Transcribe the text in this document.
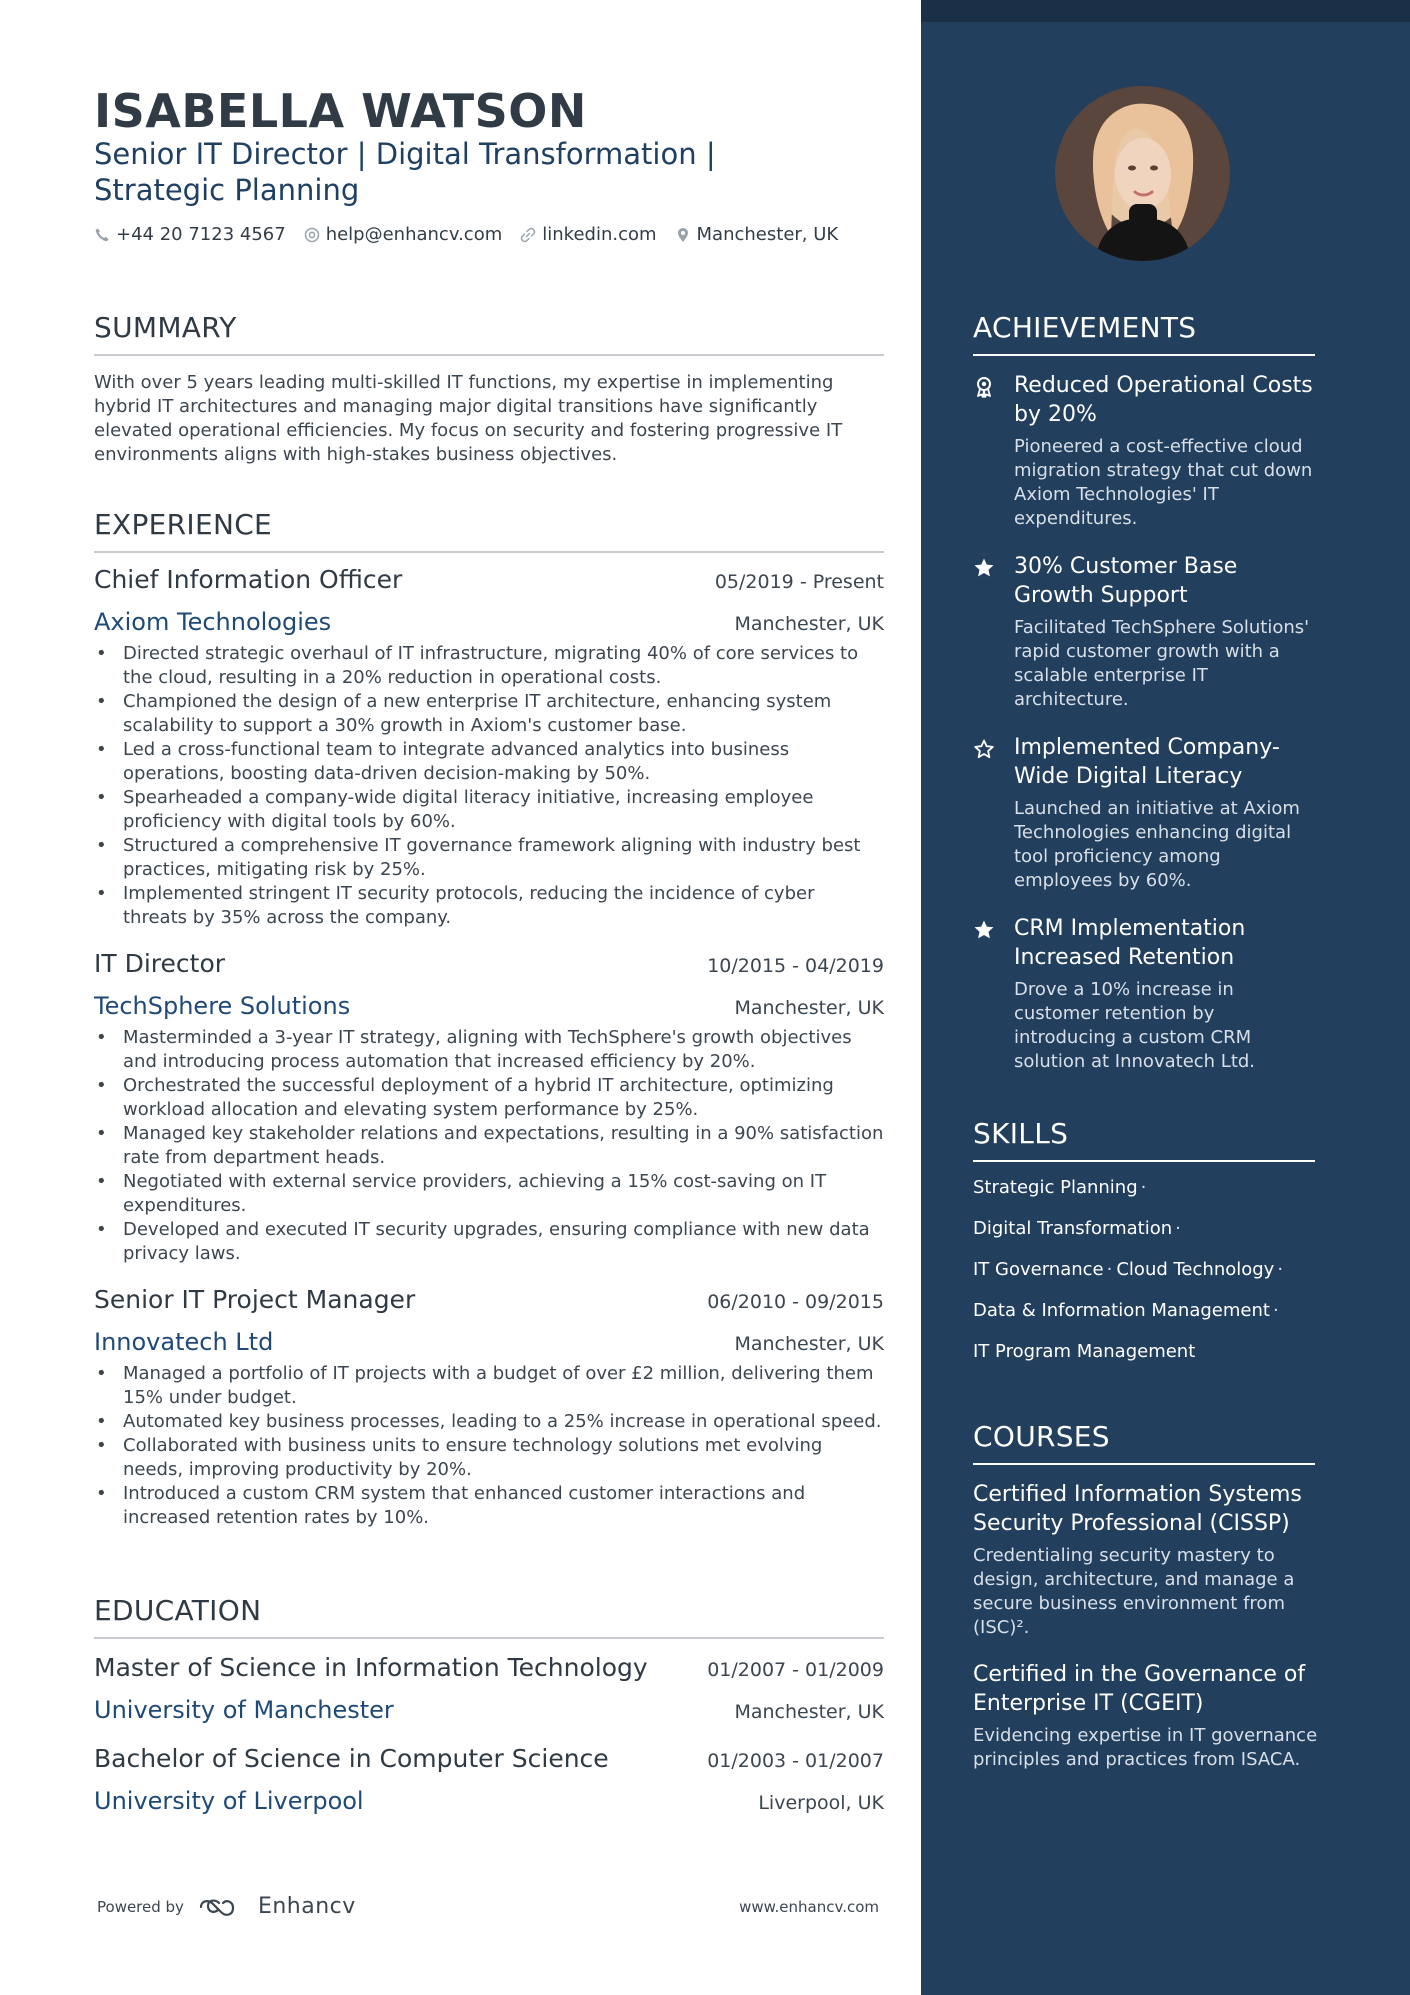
ISABELLA WATSON
Senior IT Director | Digital Transformation | Strategic Planning
+44 20 7123 4567 help@enhancv.com linkedin.com Manchester, UK
SUMMARY
With over 5 years leading multi-skilled IT functions, my expertise in implementing hybrid IT architectures and managing major digital transitions have significantly elevated operational efficiencies. My focus on security and fostering progressive IT environments aligns with high-stakes business objectives.
EXPERIENCE
Chief Information Officer	05/2019 - Present
Axiom Technologies	Manchester, UK
• Directed strategic overhaul of IT infrastructure, migrating 40% of core services to the cloud, resulting in a 20% reduction in operational costs.
• Championed the design of a new enterprise IT architecture, enhancing system scalability to support a 30% growth in Axiom's customer base.
• Led a cross-functional team to integrate advanced analytics into business operations, boosting data-driven decision-making by 50%.
• Spearheaded a company-wide digital literacy initiative, increasing employee proficiency with digital tools by 60%.
• Structured a comprehensive IT governance framework aligning with industry best practices, mitigating risk by 25%.
• Implemented stringent IT security protocols, reducing the incidence of cyber threats by 35% across the company.
IT Director	10/2015 - 04/2019
TechSphere Solutions	Manchester, UK
• Masterminded a 3-year IT strategy, aligning with TechSphere's growth objectives and introducing process automation that increased efficiency by 20%.
• Orchestrated the successful deployment of a hybrid IT architecture, optimizing workload allocation and elevating system performance by 25%.
• Managed key stakeholder relations and expectations, resulting in a 90% satisfaction rate from department heads.
• Negotiated with external service providers, achieving a 15% cost-saving on IT expenditures.
• Developed and executed IT security upgrades, ensuring compliance with new data privacy laws.
Senior IT Project Manager	06/2010 - 09/2015
Innovatech Ltd	Manchester, UK
• Managed a portfolio of IT projects with a budget of over £2 million, delivering them 15% under budget.
• Automated key business processes, leading to a 25% increase in operational speed.
• Collaborated with business units to ensure technology solutions met evolving needs, improving productivity by 20%.
• Introduced a custom CRM system that enhanced customer interactions and increased retention rates by 10%.
EDUCATION
Master of Science in Information Technology	01/2007 - 01/2009
University of Manchester	Manchester, UK
Bachelor of Science in Computer Science	01/2003 - 01/2007
University of Liverpool	Liverpool, UK
Powered by	Enhancv	www.enhancv.com
ACHIEVEMENTS
Reduced Operational Costs by 20%
Pioneered a cost-effective cloud migration strategy that cut down Axiom Technologies' IT expenditures.
30% Customer Base Growth Support
Facilitated TechSphere Solutions' rapid customer growth with a scalable enterprise IT architecture.
Implemented Company-Wide Digital Literacy
Launched an initiative at Axiom Technologies enhancing digital tool proficiency among employees by 60%.
CRM Implementation Increased Retention
Drove a 10% increase in customer retention by introducing a custom CRM solution at Innovatech Ltd.
SKILLS
Strategic Planning ·
Digital Transformation ·
IT Governance · Cloud Technology ·
Data & Information Management ·
IT Program Management
COURSES
Certified Information Systems Security Professional (CISSP)
Credentialing security mastery to design, architecture, and manage a secure business environment from (ISC)².
Certified in the Governance of Enterprise IT (CGEIT)
Evidencing expertise in IT governance principles and practices from ISACA.
